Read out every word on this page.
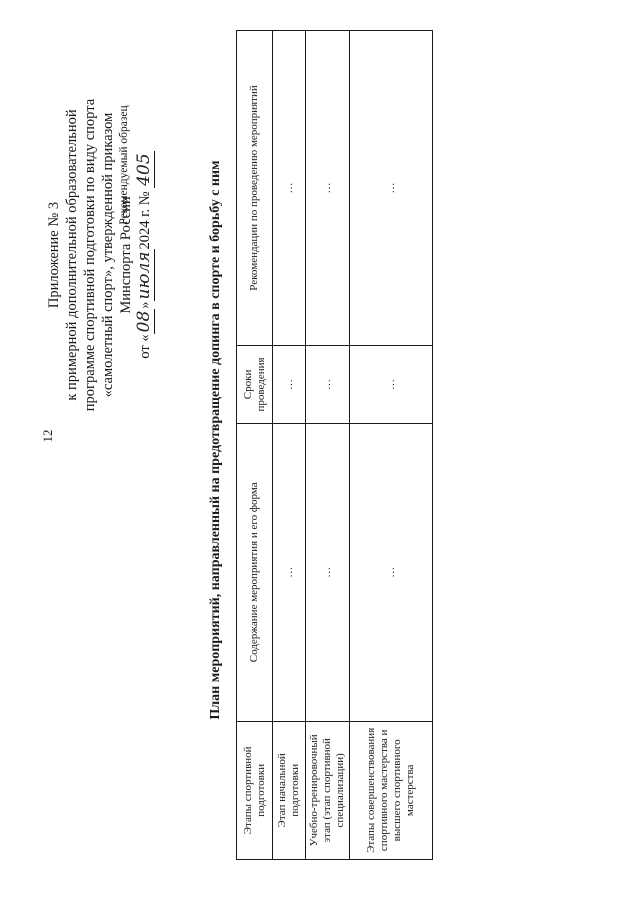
12
Приложение № 3 к примерной дополнительной образовательной программе спортивной подготовки по виду спорта «самолетный спорт», утвержденной приказом Минспорта России
от «08»июля2024 г. № 405
Рекомендуемый образец	План мероприятий, направленный на предотвращение допинга в спорте и борьбу с ним
Этапы спортивной подготовки	Содержание мероприятия и его форма	Сроки проведения	Рекомендации по проведению мероприятий
Этап начальной подготовки	…	…	…
Учебно-тренировочный этап (этап спортивной специализации)	…	…	…
Этапы совершенствования спортивного мастерства и высшего спортивного мастерства	…	…	…
